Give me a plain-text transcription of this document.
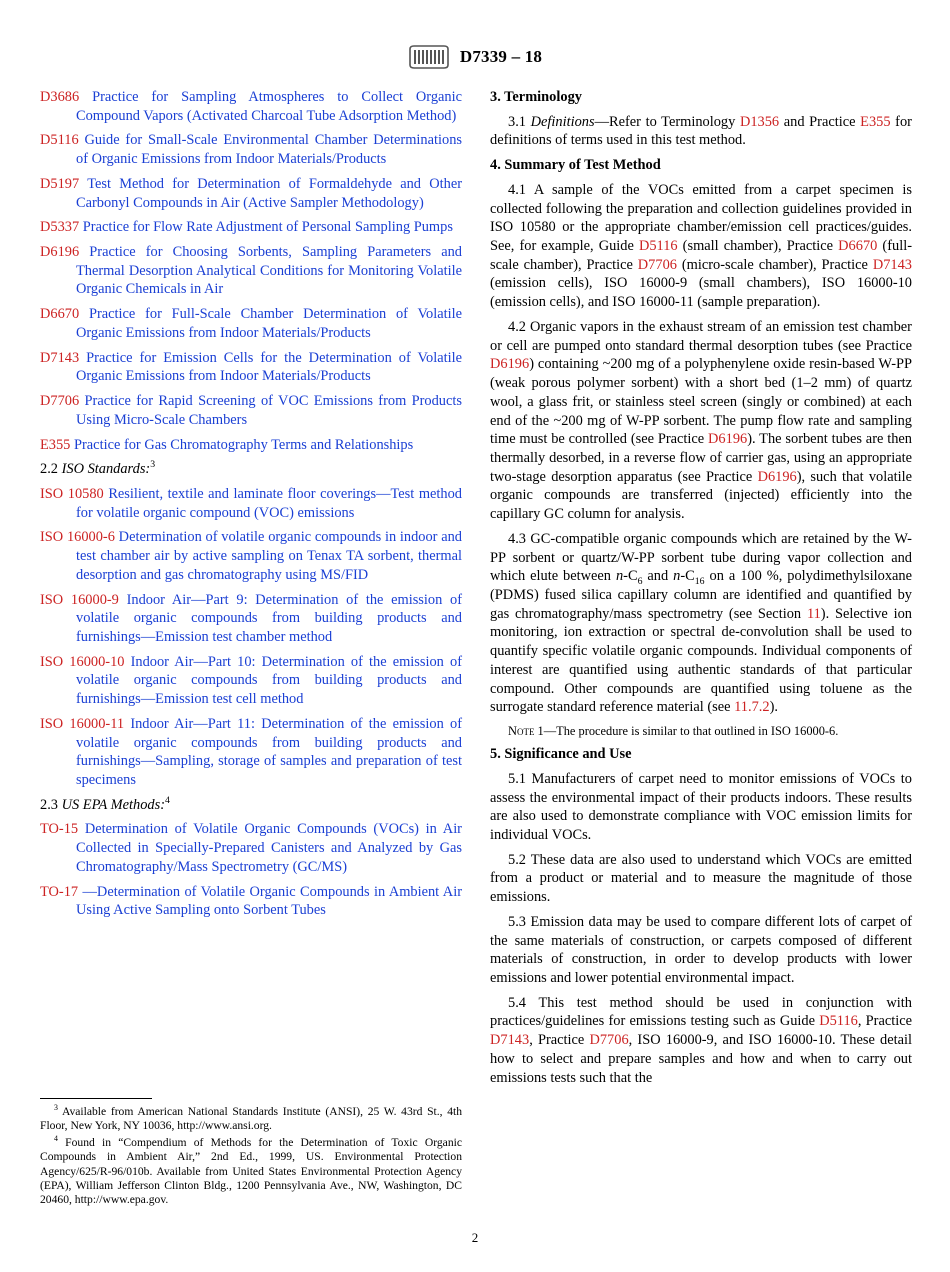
D7339 – 18

D3686 Practice for Sampling Atmospheres to Collect Organic Compound Vapors (Activated Charcoal Tube Adsorption Method)

D5116 Guide for Small-Scale Environmental Chamber Determinations of Organic Emissions from Indoor Materials/Products

D5197 Test Method for Determination of Formaldehyde and Other Carbonyl Compounds in Air (Active Sampler Methodology)

D5337 Practice for Flow Rate Adjustment of Personal Sampling Pumps

D6196 Practice for Choosing Sorbents, Sampling Parameters and Thermal Desorption Analytical Conditions for Monitoring Volatile Organic Chemicals in Air

D6670 Practice for Full-Scale Chamber Determination of Volatile Organic Emissions from Indoor Materials/Products

D7143 Practice for Emission Cells for the Determination of Volatile Organic Emissions from Indoor Materials/Products

D7706 Practice for Rapid Screening of VOC Emissions from Products Using Micro-Scale Chambers

E355 Practice for Gas Chromatography Terms and Relationships

2.2 ISO Standards:$^3$

ISO 10580 Resilient, textile and laminate floor coverings—Test method for volatile organic compound (VOC) emissions

ISO 16000-6 Determination of volatile organic compounds in indoor and test chamber air by active sampling on Tenax TA sorbent, thermal desorption and gas chromatography using MS/FID

ISO 16000-9 Indoor Air—Part 9: Determination of the emission of volatile organic compounds from building products and furnishings—Emission test chamber method

ISO 16000-10 Indoor Air—Part 10: Determination of the emission of volatile organic compounds from building products and furnishings—Emission test cell method

ISO 16000-11 Indoor Air—Part 11: Determination of the emission of volatile organic compounds from building products and furnishings—Sampling, storage of samples and preparation of test specimens

2.3 US EPA Methods:$^4$

TO-15 Determination of Volatile Organic Compounds (VOCs) in Air Collected in Specially-Prepared Canisters and Analyzed by Gas Chromatography/Mass Spectrometry (GC/MS)

TO-17 —Determination of Volatile Organic Compounds in Ambient Air Using Active Sampling onto Sorbent Tubes

3. Terminology

3.1 Definitions—Refer to Terminology D1356 and Practice E355 for definitions of terms used in this test method.

4. Summary of Test Method

4.1 A sample of the VOCs emitted from a carpet specimen is collected following the preparation and collection guidelines provided in ISO 10580 or the appropriate chamber/emission cell practices/guides. See, for example, Guide D5116 (small chamber), Practice D6670 (full-scale chamber), Practice D7706 (micro-scale chamber), Practice D7143 (emission cells), ISO 16000-9 (small chambers), ISO 16000-10 (emission cells), and ISO 16000-11 (sample preparation).

4.2 Organic vapors in the exhaust stream of an emission test chamber or cell are pumped onto standard thermal desorption tubes (see Practice D6196) containing ~200 mg of a polyphenylene oxide resin-based W-PP (weak porous polymer sorbent) with a short bed (1–2 mm) of quartz wool, a glass frit, or stainless steel screen (singly or combined) at each end of the ~200 mg of W-PP sorbent. The pump flow rate and sampling time must be controlled (see Practice D6196). The sorbent tubes are then thermally desorbed, in a reverse flow of carrier gas, using an appropriate two-stage desorption apparatus (see Practice D6196), such that volatile organic compounds are transferred (injected) efficiently into the capillary GC column for analysis.

4.3 GC-compatible organic compounds which are retained by the W-PP sorbent or quartz/W-PP sorbent tube during vapor collection and which elute between $n-C_6$ and $n-C_{16}$ on a 100 %, polydimethylsiloxane (PDMS) fused silica capillary column are identified and quantified by gas chromatography/mass spectrometry (see Section 11). Selective ion monitoring, ion extraction or spectral de-convolution shall be used to quantify specific volatile organic compounds. Individual components of interest are quantified using authentic standards of that particular compound. Other compounds are quantified using toluene as the surrogate standard reference material (see 11.7.2).

Note 1—The procedure is similar to that outlined in ISO 16000-6.

5. Significance and Use

5.1 Manufacturers of carpet need to monitor emissions of VOCs to assess the environmental impact of their products indoors. These results are also used to demonstrate compliance with VOC emission limits for individual VOCs.

5.2 These data are also used to understand which VOCs are emitted from a product or material and to measure the magnitude of those emissions.

5.3 Emission data may be used to compare different lots of carpet of the same materials of construction, or carpets composed of different materials of construction, in order to develop products with lower emissions and lower potential environmental impact.

5.4 This test method should be used in conjunction with practices/guidelines for emissions testing such as Guide D5116, Practice D7143, Practice D7706, ISO 16000-9, and ISO 16000-10. These detail how to select and prepare samples and how and when to carry out emissions tests such that the

$^3$ Available from American National Standards Institute (ANSI), 25 W. 43rd St., 4th Floor, New York, NY 10036, http://www.ansi.org.

$^4$ Found in “Compendium of Methods for the Determination of Toxic Organic Compounds in Ambient Air,” 2nd Ed., 1999, US. Environmental Protection Agency/625/R-96/010b. Available from United States Environmental Protection Agency (EPA), William Jefferson Clinton Bldg., 1200 Pennsylvania Ave., NW, Washington, DC 20460, http://www.epa.gov.

2
